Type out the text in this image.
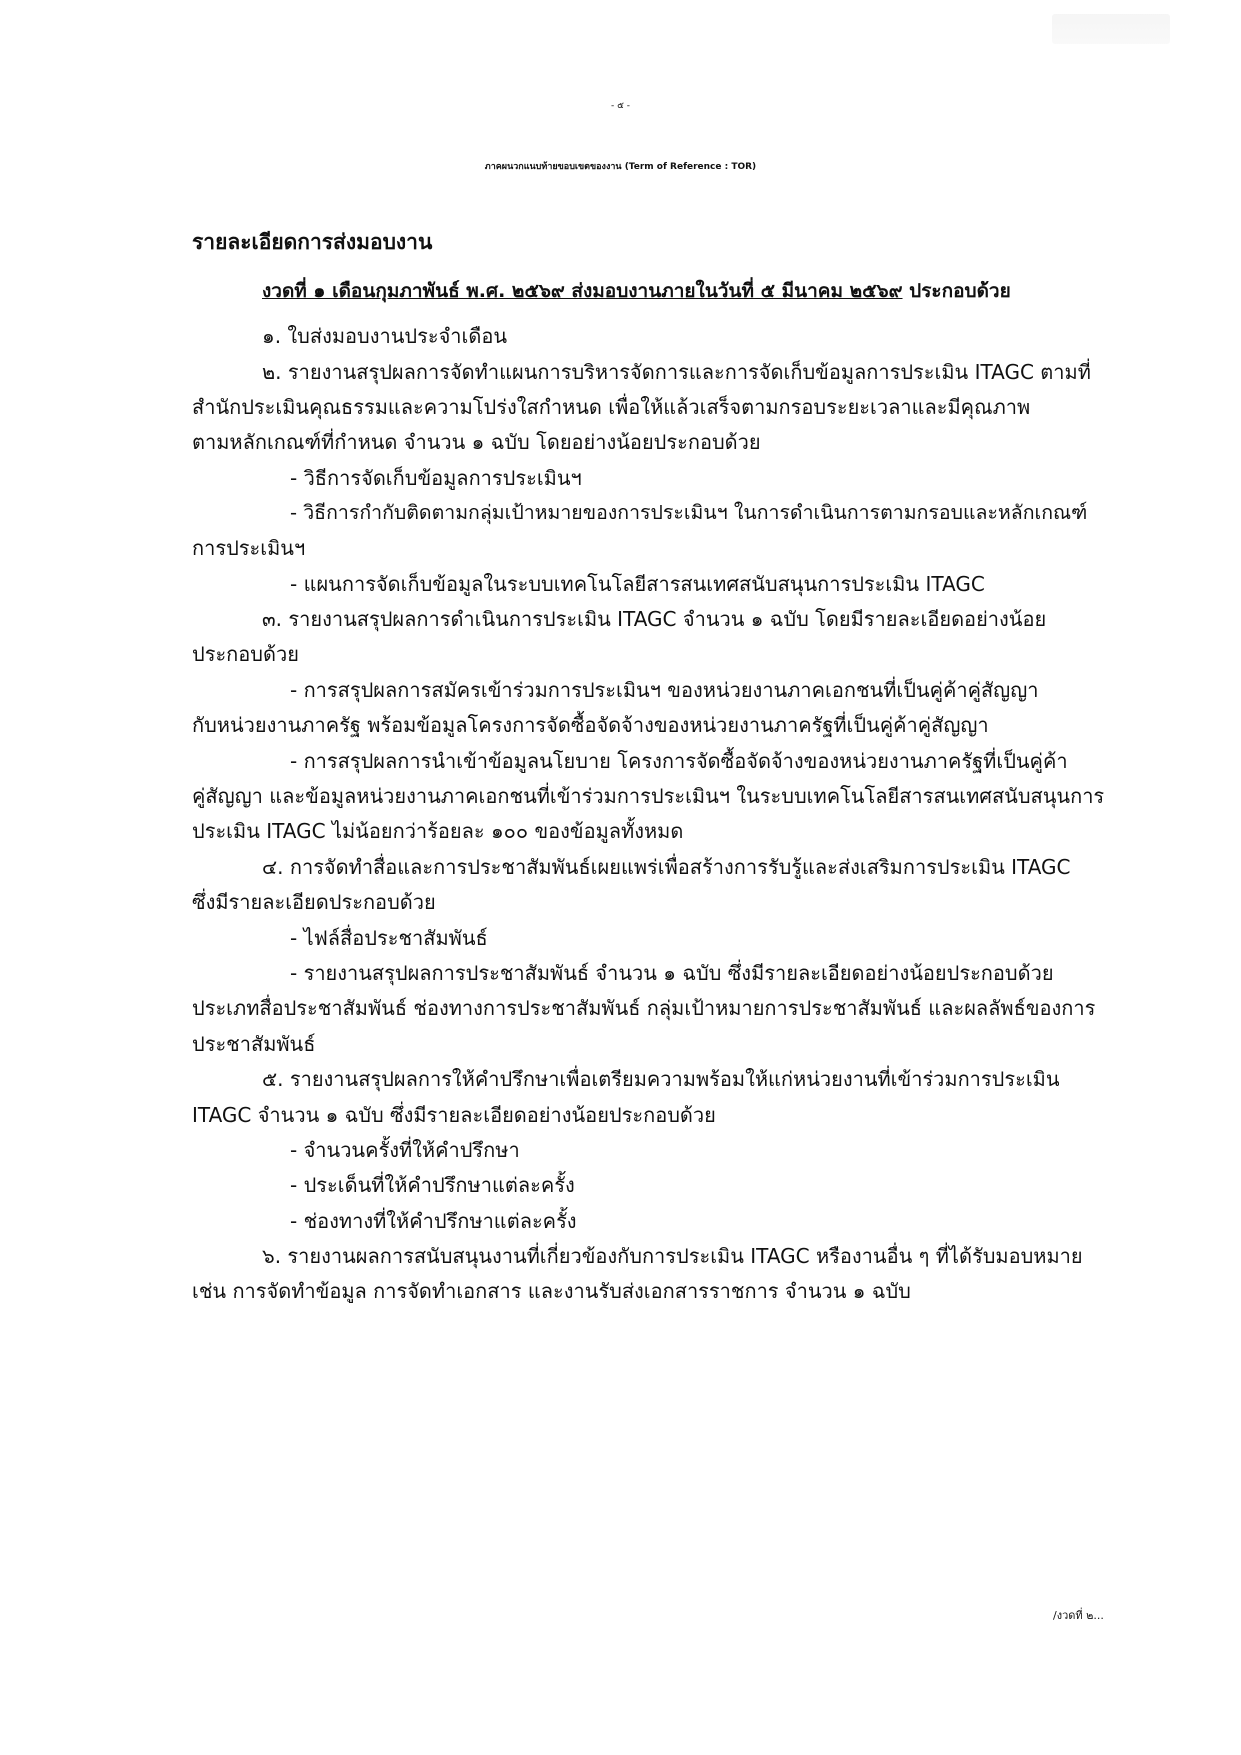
- ๕ -
ภาคผนวกแนบท้ายขอบเขตของงาน (Term of Reference : TOR)
รายละเอียดการส่งมอบงาน
งวดที่ ๑ เดือนกุมภาพันธ์ พ.ศ. ๒๕๖๙ ส่งมอบงานภายในวันที่ ๕ มีนาคม ๒๕๖๙ ประกอบด้วย
๑. ใบส่งมอบงานประจำเดือน
๒. รายงานสรุปผลการจัดทำแผนการบริหารจัดการและการจัดเก็บข้อมูลการประเมิน ITAGC ตามที่
สำนักประเมินคุณธรรมและความโปร่งใสกำหนด เพื่อให้แล้วเสร็จตามกรอบระยะเวลาและมีคุณภาพ
ตามหลักเกณฑ์ที่กำหนด จำนวน ๑ ฉบับ โดยอย่างน้อยประกอบด้วย
- วิธีการจัดเก็บข้อมูลการประเมินฯ
- วิธีการกำกับติดตามกลุ่มเป้าหมายของการประเมินฯ ในการดำเนินการตามกรอบและหลักเกณฑ์
การประเมินฯ
- แผนการจัดเก็บข้อมูลในระบบเทคโนโลยีสารสนเทศสนับสนุนการประเมิน ITAGC
๓. รายงานสรุปผลการดำเนินการประเมิน ITAGC จำนวน ๑ ฉบับ โดยมีรายละเอียดอย่างน้อย
ประกอบด้วย
- การสรุปผลการสมัครเข้าร่วมการประเมินฯ ของหน่วยงานภาคเอกชนที่เป็นคู่ค้าคู่สัญญา
กับหน่วยงานภาครัฐ พร้อมข้อมูลโครงการจัดซื้อจัดจ้างของหน่วยงานภาครัฐที่เป็นคู่ค้าคู่สัญญา
- การสรุปผลการนำเข้าข้อมูลนโยบาย โครงการจัดซื้อจัดจ้างของหน่วยงานภาครัฐที่เป็นคู่ค้า
คู่สัญญา และข้อมูลหน่วยงานภาคเอกชนที่เข้าร่วมการประเมินฯ ในระบบเทคโนโลยีสารสนเทศสนับสนุนการ
ประเมิน ITAGC ไม่น้อยกว่าร้อยละ ๑๐๐ ของข้อมูลทั้งหมด
๔. การจัดทำสื่อและการประชาสัมพันธ์เผยแพร่เพื่อสร้างการรับรู้และส่งเสริมการประเมิน ITAGC
ซึ่งมีรายละเอียดประกอบด้วย
- ไฟล์สื่อประชาสัมพันธ์
- รายงานสรุปผลการประชาสัมพันธ์ จำนวน ๑ ฉบับ ซึ่งมีรายละเอียดอย่างน้อยประกอบด้วย
ประเภทสื่อประชาสัมพันธ์ ช่องทางการประชาสัมพันธ์ กลุ่มเป้าหมายการประชาสัมพันธ์ และผลลัพธ์ของการ
ประชาสัมพันธ์
๕. รายงานสรุปผลการให้คำปรึกษาเพื่อเตรียมความพร้อมให้แก่หน่วยงานที่เข้าร่วมการประเมิน
ITAGC จำนวน ๑ ฉบับ ซึ่งมีรายละเอียดอย่างน้อยประกอบด้วย
- จำนวนครั้งที่ให้คำปรึกษา
- ประเด็นที่ให้คำปรึกษาแต่ละครั้ง
- ช่องทางที่ให้คำปรึกษาแต่ละครั้ง
๖. รายงานผลการสนับสนุนงานที่เกี่ยวข้องกับการประเมิน ITAGC หรืองานอื่น ๆ ที่ได้รับมอบหมาย
เช่น การจัดทำข้อมูล การจัดทำเอกสาร และงานรับส่งเอกสารราชการ จำนวน ๑ ฉบับ
/งวดที่ ๒...
